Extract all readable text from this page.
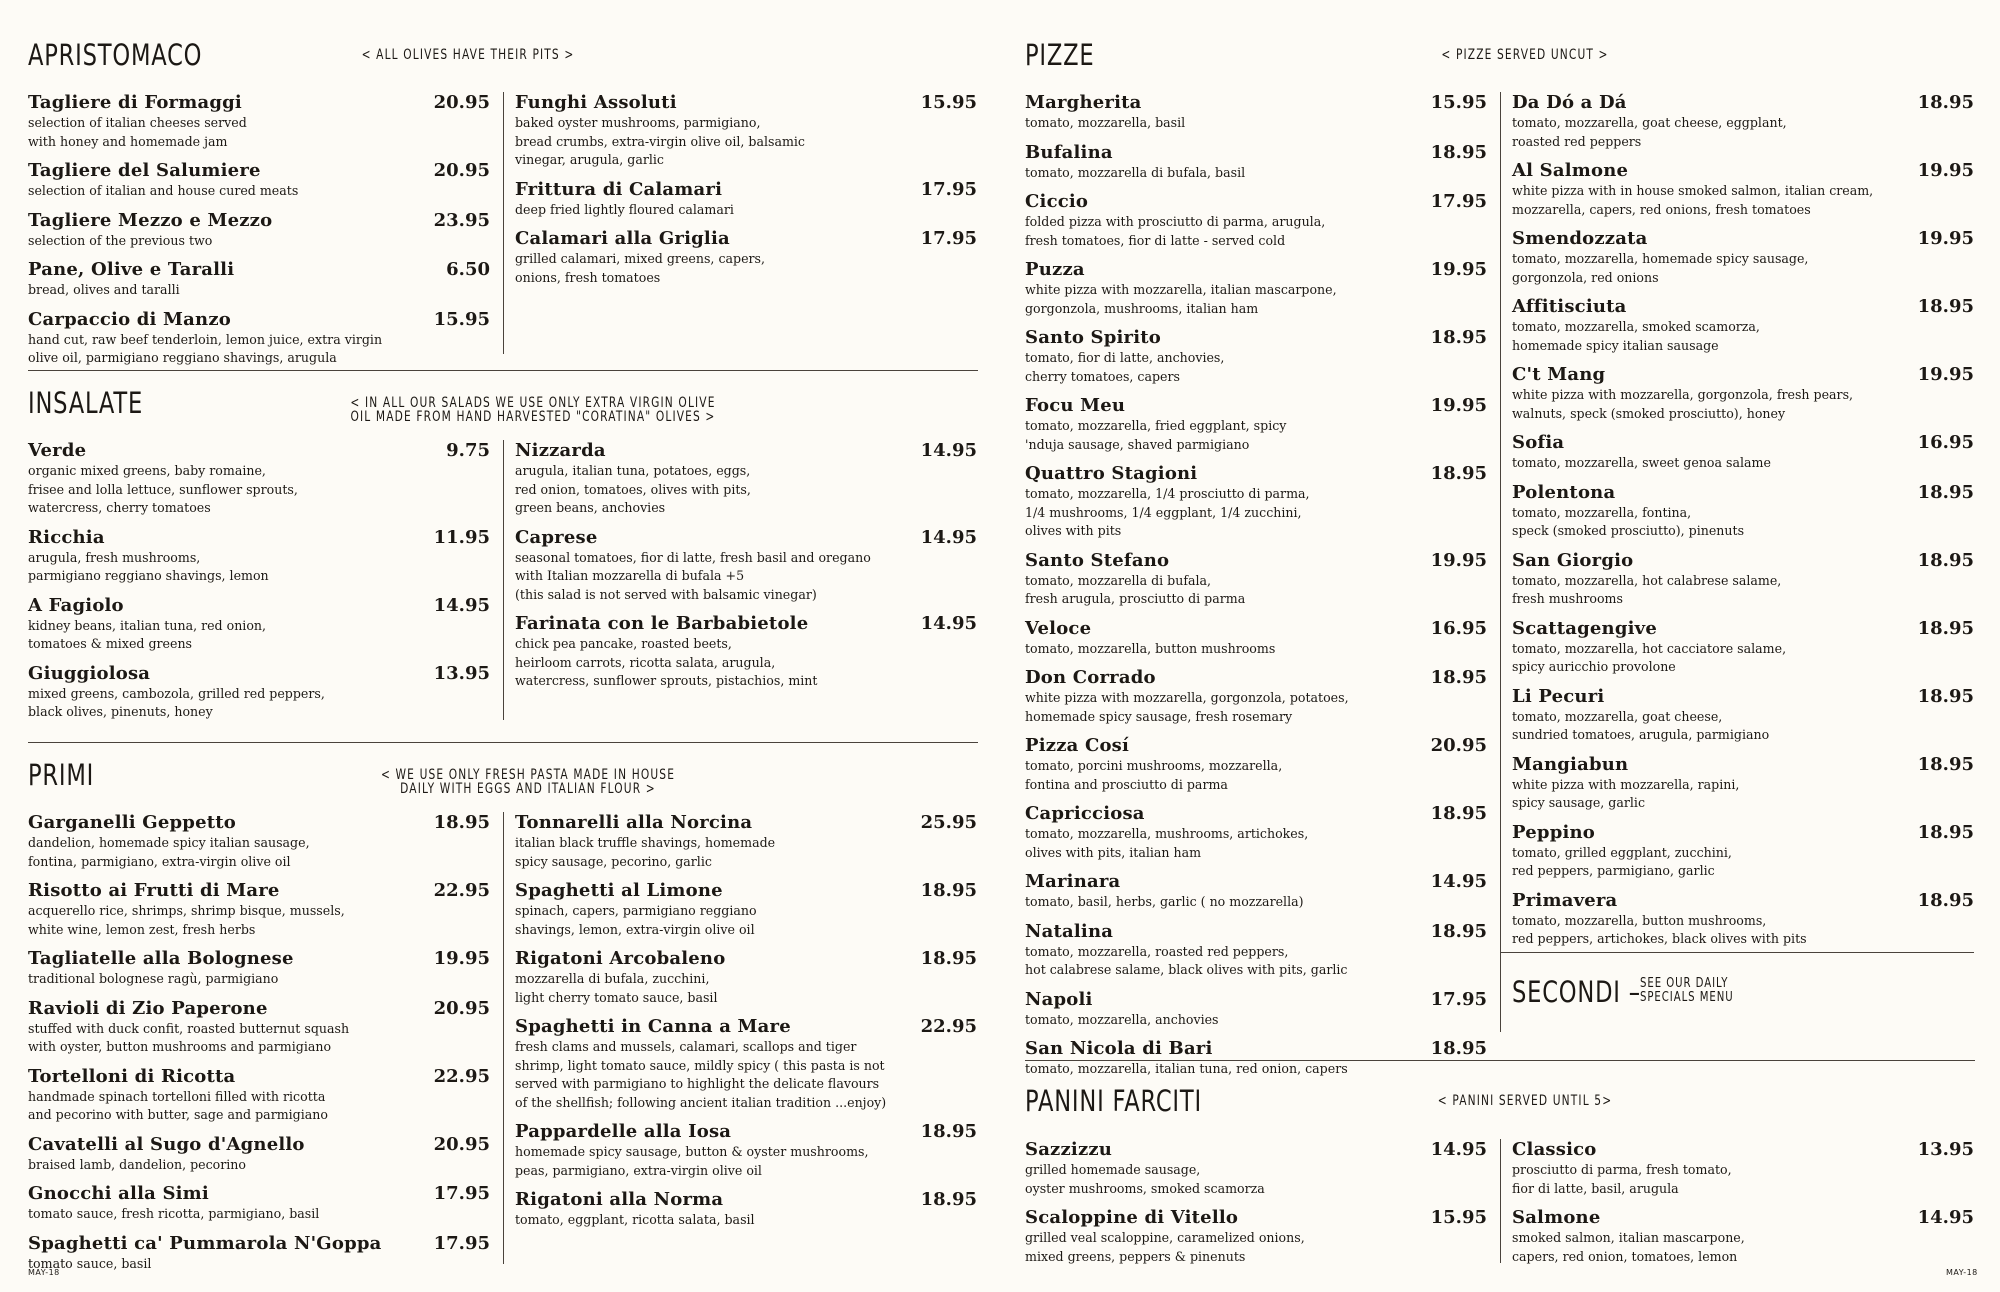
APRISTOMACO	< ALL OLIVES HAVE THEIR PITS >
Tagliere di Formaggi	20.95
selection of italian cheeses served
with honey and homemade jam
Tagliere del Salumiere	20.95
selection of italian and house cured meats
Tagliere Mezzo e Mezzo	23.95
selection of the previous two
Pane, Olive e Taralli	6.50
bread, olives and taralli
Carpaccio di Manzo	15.95
hand cut, raw beef tenderloin, lemon juice, extra virgin
olive oil, parmigiano reggiano shavings, arugula
Funghi Assoluti	15.95
baked oyster mushrooms, parmigiano,
bread crumbs, extra-virgin olive oil, balsamic
vinegar, arugula, garlic
Frittura di Calamari	17.95
deep fried lightly floured calamari
Calamari alla Griglia	17.95
grilled calamari, mixed greens, capers,
onions, fresh tomatoes
INSALATE	< IN ALL OUR SALADS WE USE ONLY EXTRA VIRGIN OLIVE
OIL MADE FROM HAND HARVESTED "CORATINA" OLIVES >
Verde	9.75
organic mixed greens, baby romaine,
frisee and lolla lettuce, sunflower sprouts,
watercress, cherry tomatoes
Ricchia	11.95
arugula, fresh mushrooms,
parmigiano reggiano shavings, lemon
A Fagiolo	14.95
kidney beans, italian tuna, red onion,
tomatoes & mixed greens
Giuggiolosa	13.95
mixed greens, cambozola, grilled red peppers,
black olives, pinenuts, honey
Nizzarda	14.95
arugula, italian tuna, potatoes, eggs,
red onion, tomatoes, olives with pits,
green beans, anchovies
Caprese	14.95
seasonal tomatoes, fior di latte, fresh basil and oregano
with Italian mozzarella di bufala +5
(this salad is not served with balsamic vinegar)
Farinata con le Barbabietole	14.95
chick pea pancake, roasted beets,
heirloom carrots, ricotta salata, arugula,
watercress, sunflower sprouts, pistachios, mint
PRIMI	< WE USE ONLY FRESH PASTA MADE IN HOUSE
DAILY WITH EGGS AND ITALIAN FLOUR >
Garganelli Geppetto	18.95
dandelion, homemade spicy italian sausage,
fontina, parmigiano, extra-virgin olive oil
Risotto ai Frutti di Mare	22.95
acquerello rice, shrimps, shrimp bisque, mussels,
white wine, lemon zest, fresh herbs
Tagliatelle alla Bolognese	19.95
traditional bolognese ragù, parmigiano
Ravioli di Zio Paperone	20.95
stuffed with duck confit, roasted butternut squash
with oyster, button mushrooms and parmigiano
Tortelloni di Ricotta	22.95
handmade spinach tortelloni filled with ricotta
and pecorino with butter, sage and parmigiano
Cavatelli al Sugo d'Agnello	20.95
braised lamb, dandelion, pecorino
Gnocchi alla Simi	17.95
tomato sauce, fresh ricotta, parmigiano, basil
Spaghetti ca' Pummarola N'Goppa	17.95
tomato sauce, basil
Tonnarelli alla Norcina	25.95
italian black truffle shavings, homemade
spicy sausage, pecorino, garlic
Spaghetti al Limone	18.95
spinach, capers, parmigiano reggiano
shavings, lemon, extra-virgin olive oil
Rigatoni Arcobaleno	18.95
mozzarella di bufala, zucchini,
light cherry tomato sauce, basil
Spaghetti in Canna a Mare	22.95
fresh clams and mussels, calamari, scallops and tiger
shrimp, light tomato sauce, mildly spicy ( this pasta is not
served with parmigiano to highlight the delicate flavours
of the shellfish; following ancient italian tradition ...enjoy)
Pappardelle alla Iosa	18.95
homemade spicy sausage, button & oyster mushrooms,
peas, parmigiano, extra-virgin olive oil
Rigatoni alla Norma	18.95
tomato, eggplant, ricotta salata, basil
PIZZE	< PIZZE SERVED UNCUT >
Margherita	15.95
tomato, mozzarella, basil
Bufalina	18.95
tomato, mozzarella di bufala, basil
Ciccio	17.95
folded pizza with prosciutto di parma, arugula,
fresh tomatoes, fior di latte - served cold
Puzza	19.95
white pizza with mozzarella, italian mascarpone,
gorgonzola, mushrooms, italian ham
Santo Spirito	18.95
tomato, fior di latte, anchovies,
cherry tomatoes, capers
Focu Meu	19.95
tomato, mozzarella, fried eggplant, spicy
'nduja sausage, shaved parmigiano
Quattro Stagioni	18.95
tomato, mozzarella, 1/4 prosciutto di parma,
1/4 mushrooms, 1/4 eggplant, 1/4 zucchini,
olives with pits
Santo Stefano	19.95
tomato, mozzarella di bufala,
fresh arugula, prosciutto di parma
Veloce	16.95
tomato, mozzarella, button mushrooms
Don Corrado	18.95
white pizza with mozzarella, gorgonzola, potatoes,
homemade spicy sausage, fresh rosemary
Pizza Cosí	20.95
tomato, porcini mushrooms, mozzarella,
fontina and prosciutto di parma
Capricciosa	18.95
tomato, mozzarella, mushrooms, artichokes,
olives with pits, italian ham
Marinara	14.95
tomato, basil, herbs, garlic ( no mozzarella)
Natalina	18.95
tomato, mozzarella, roasted red peppers,
hot calabrese salame, black olives with pits, garlic
Napoli	17.95
tomato, mozzarella, anchovies
San Nicola di Bari	18.95
tomato, mozzarella, italian tuna, red onion, capers
Da Dó a Dá	18.95
tomato, mozzarella, goat cheese, eggplant,
roasted red peppers
Al Salmone	19.95
white pizza with in house smoked salmon, italian cream,
mozzarella, capers, red onions, fresh tomatoes
Smendozzata	19.95
tomato, mozzarella, homemade spicy sausage,
gorgonzola, red onions
Affitisciuta	18.95
tomato, mozzarella, smoked scamorza,
homemade spicy italian sausage
C't Mang	19.95
white pizza with mozzarella, gorgonzola, fresh pears,
walnuts, speck (smoked prosciutto), honey
Sofia	16.95
tomato, mozzarella, sweet genoa salame
Polentona	18.95
tomato, mozzarella, fontina,
speck (smoked prosciutto), pinenuts
San Giorgio	18.95
tomato, mozzarella, hot calabrese salame,
fresh mushrooms
Scattagengive	18.95
tomato, mozzarella, hot cacciatore salame,
spicy auricchio provolone
Li Pecuri	18.95
tomato, mozzarella, goat cheese,
sundried tomatoes, arugula, parmigiano
Mangiabun	18.95
white pizza with mozzarella, rapini,
spicy sausage, garlic
Peppino	18.95
tomato, grilled eggplant, zucchini,
red peppers, parmigiano, garlic
Primavera	18.95
tomato, mozzarella, button mushrooms,
red peppers, artichokes, black olives with pits
SECONDI – SEE OUR DAILY
SPECIALS MENU
PANINI FARCITI	< PANINI SERVED UNTIL 5>
Sazzizzu	14.95
grilled homemade sausage,
oyster mushrooms, smoked scamorza
Scaloppine di Vitello	15.95
grilled veal scaloppine, caramelized onions,
mixed greens, peppers & pinenuts
Classico	13.95
prosciutto di parma, fresh tomato,
fior di latte, basil, arugula
Salmone	14.95
smoked salmon, italian mascarpone,
capers, red onion, tomatoes, lemon
MAY-18	MAY-18
